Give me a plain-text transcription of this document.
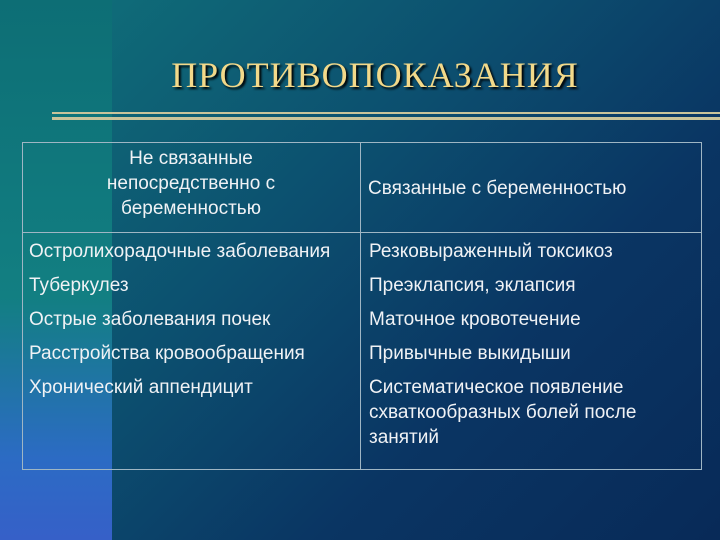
ПРОТИВОПОКАЗАНИЯ
Не связанные
непосредственно с
беременностью
Связанные с беременностью
Остролихорадочные заболевания
Туберкулез
Острые заболевания почек
Расстройства кровообращения
Хронический аппендицит
Резковыраженный токсикоз
Преэклапсия, эклапсия
Маточное кровотечение
Привычные выкидыши
Систематическое появление схваткообразных болей после занятий
